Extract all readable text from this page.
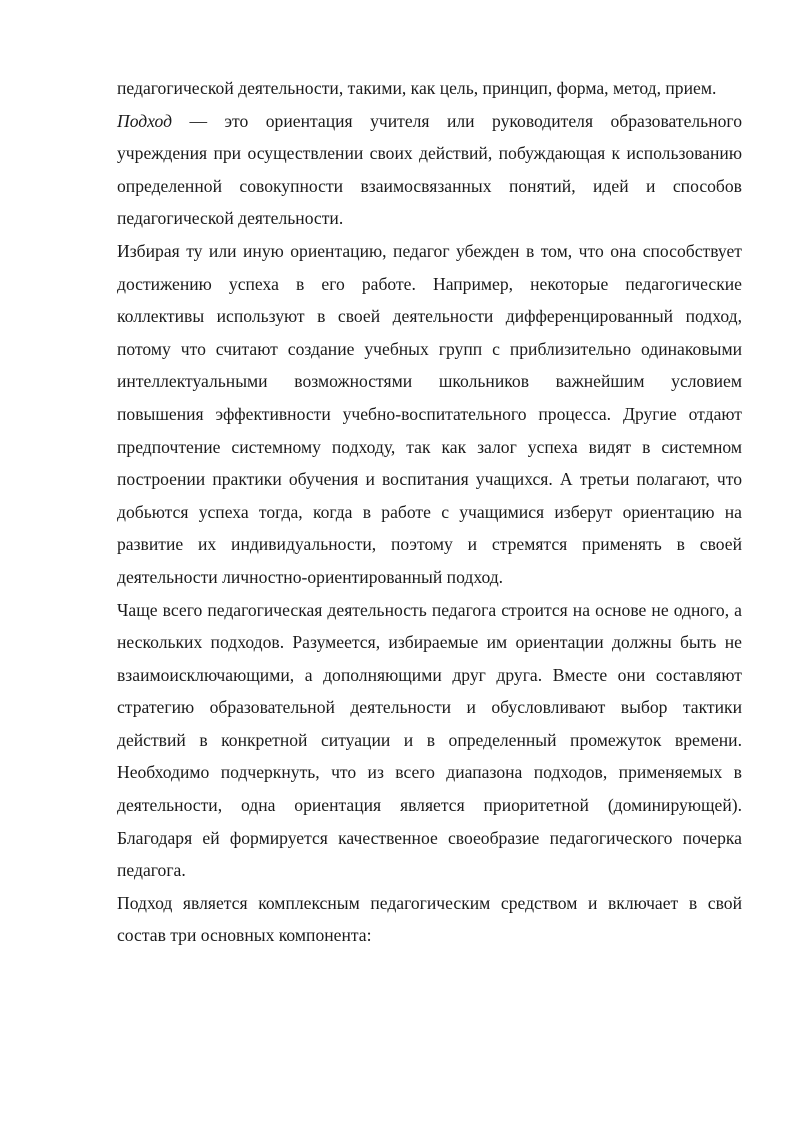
педагогической деятельности, такими, как цель, принцип, форма, метод, прием.

Подход — это ориентация учителя или руководителя образовательного учреждения при осуществлении своих действий, побуждающая к использованию определенной совокупности взаимосвязанных понятий, идей и способов педагогической деятельности.

Избирая ту или иную ориентацию, педагог убежден в том, что она способствует достижению успеха в его работе. Например, некоторые педагогические коллективы используют в своей деятельности дифференцированный подход, потому что считают создание учебных групп с приблизительно одинаковыми интеллектуальными возможностями школьников важнейшим условием повышения эффективности учебно-воспитательного процесса. Другие отдают предпочтение системному подходу, так как залог успеха видят в системном построении практики обучения и воспитания учащихся. А третьи полагают, что добьются успеха тогда, когда в работе с учащимися изберут ориентацию на развитие их индивидуальности, поэтому и стремятся применять в своей деятельности личностно-ориентированный подход.

Чаще всего педагогическая деятельность педагога строится на основе не одного, а нескольких подходов. Разумеется, избираемые им ориентации должны быть не взаимоисключающими, а дополняющими друг друга. Вместе они составляют стратегию образовательной деятельности и обусловливают выбор тактики действий в конкретной ситуации и в определенный промежуток времени. Необходимо подчеркнуть, что из всего диапазона подходов, применяемых в деятельности, одна ориентация является приоритетной (доминирующей). Благодаря ей формируется качественное своеобразие педагогического почерка педагога.

Подход является комплексным педагогическим средством и включает в свой состав три основных компонента:
